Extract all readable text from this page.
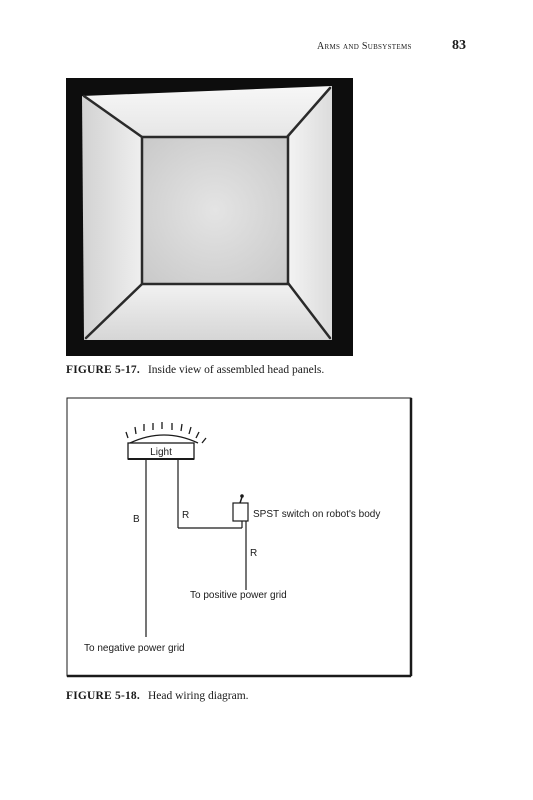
Arms and Subsystems	83
FIGURE 5-17. Inside view of assembled head panels.
Light
B	R	SPST switch on robot's body
R
To positive power grid
To negative power grid
FIGURE 5-18. Head wiring diagram.
